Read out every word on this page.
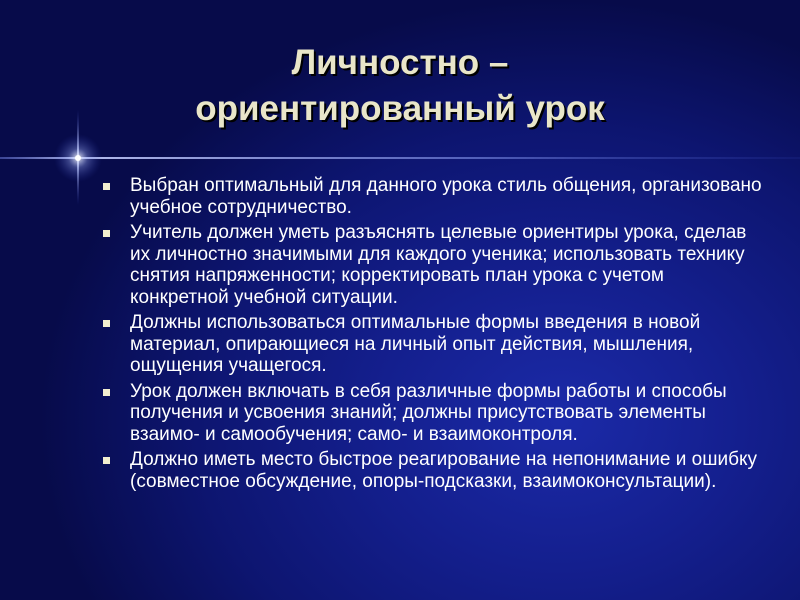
Личностно –
ориентированный урок
Выбран оптимальный для данного урока стиль общения, организовано учебное сотрудничество.
Учитель должен уметь разъяснять целевые ориентиры урока, сделав их личностно значимыми для каждого ученика; использовать технику снятия напряженности; корректировать план урока с учетом конкретной учебной ситуации.
Должны использоваться оптимальные формы введения в новой материал, опирающиеся на личный опыт действия, мышления, ощущения учащегося.
Урок должен включать в себя различные формы работы и способы получения и усвоения знаний; должны присутствовать элементы взаимо- и самообучения; само- и взаимоконтроля.
Должно иметь место быстрое реагирование на непонимание и ошибку (совместное обсуждение, опоры-подсказки, взаимоконсультации).
